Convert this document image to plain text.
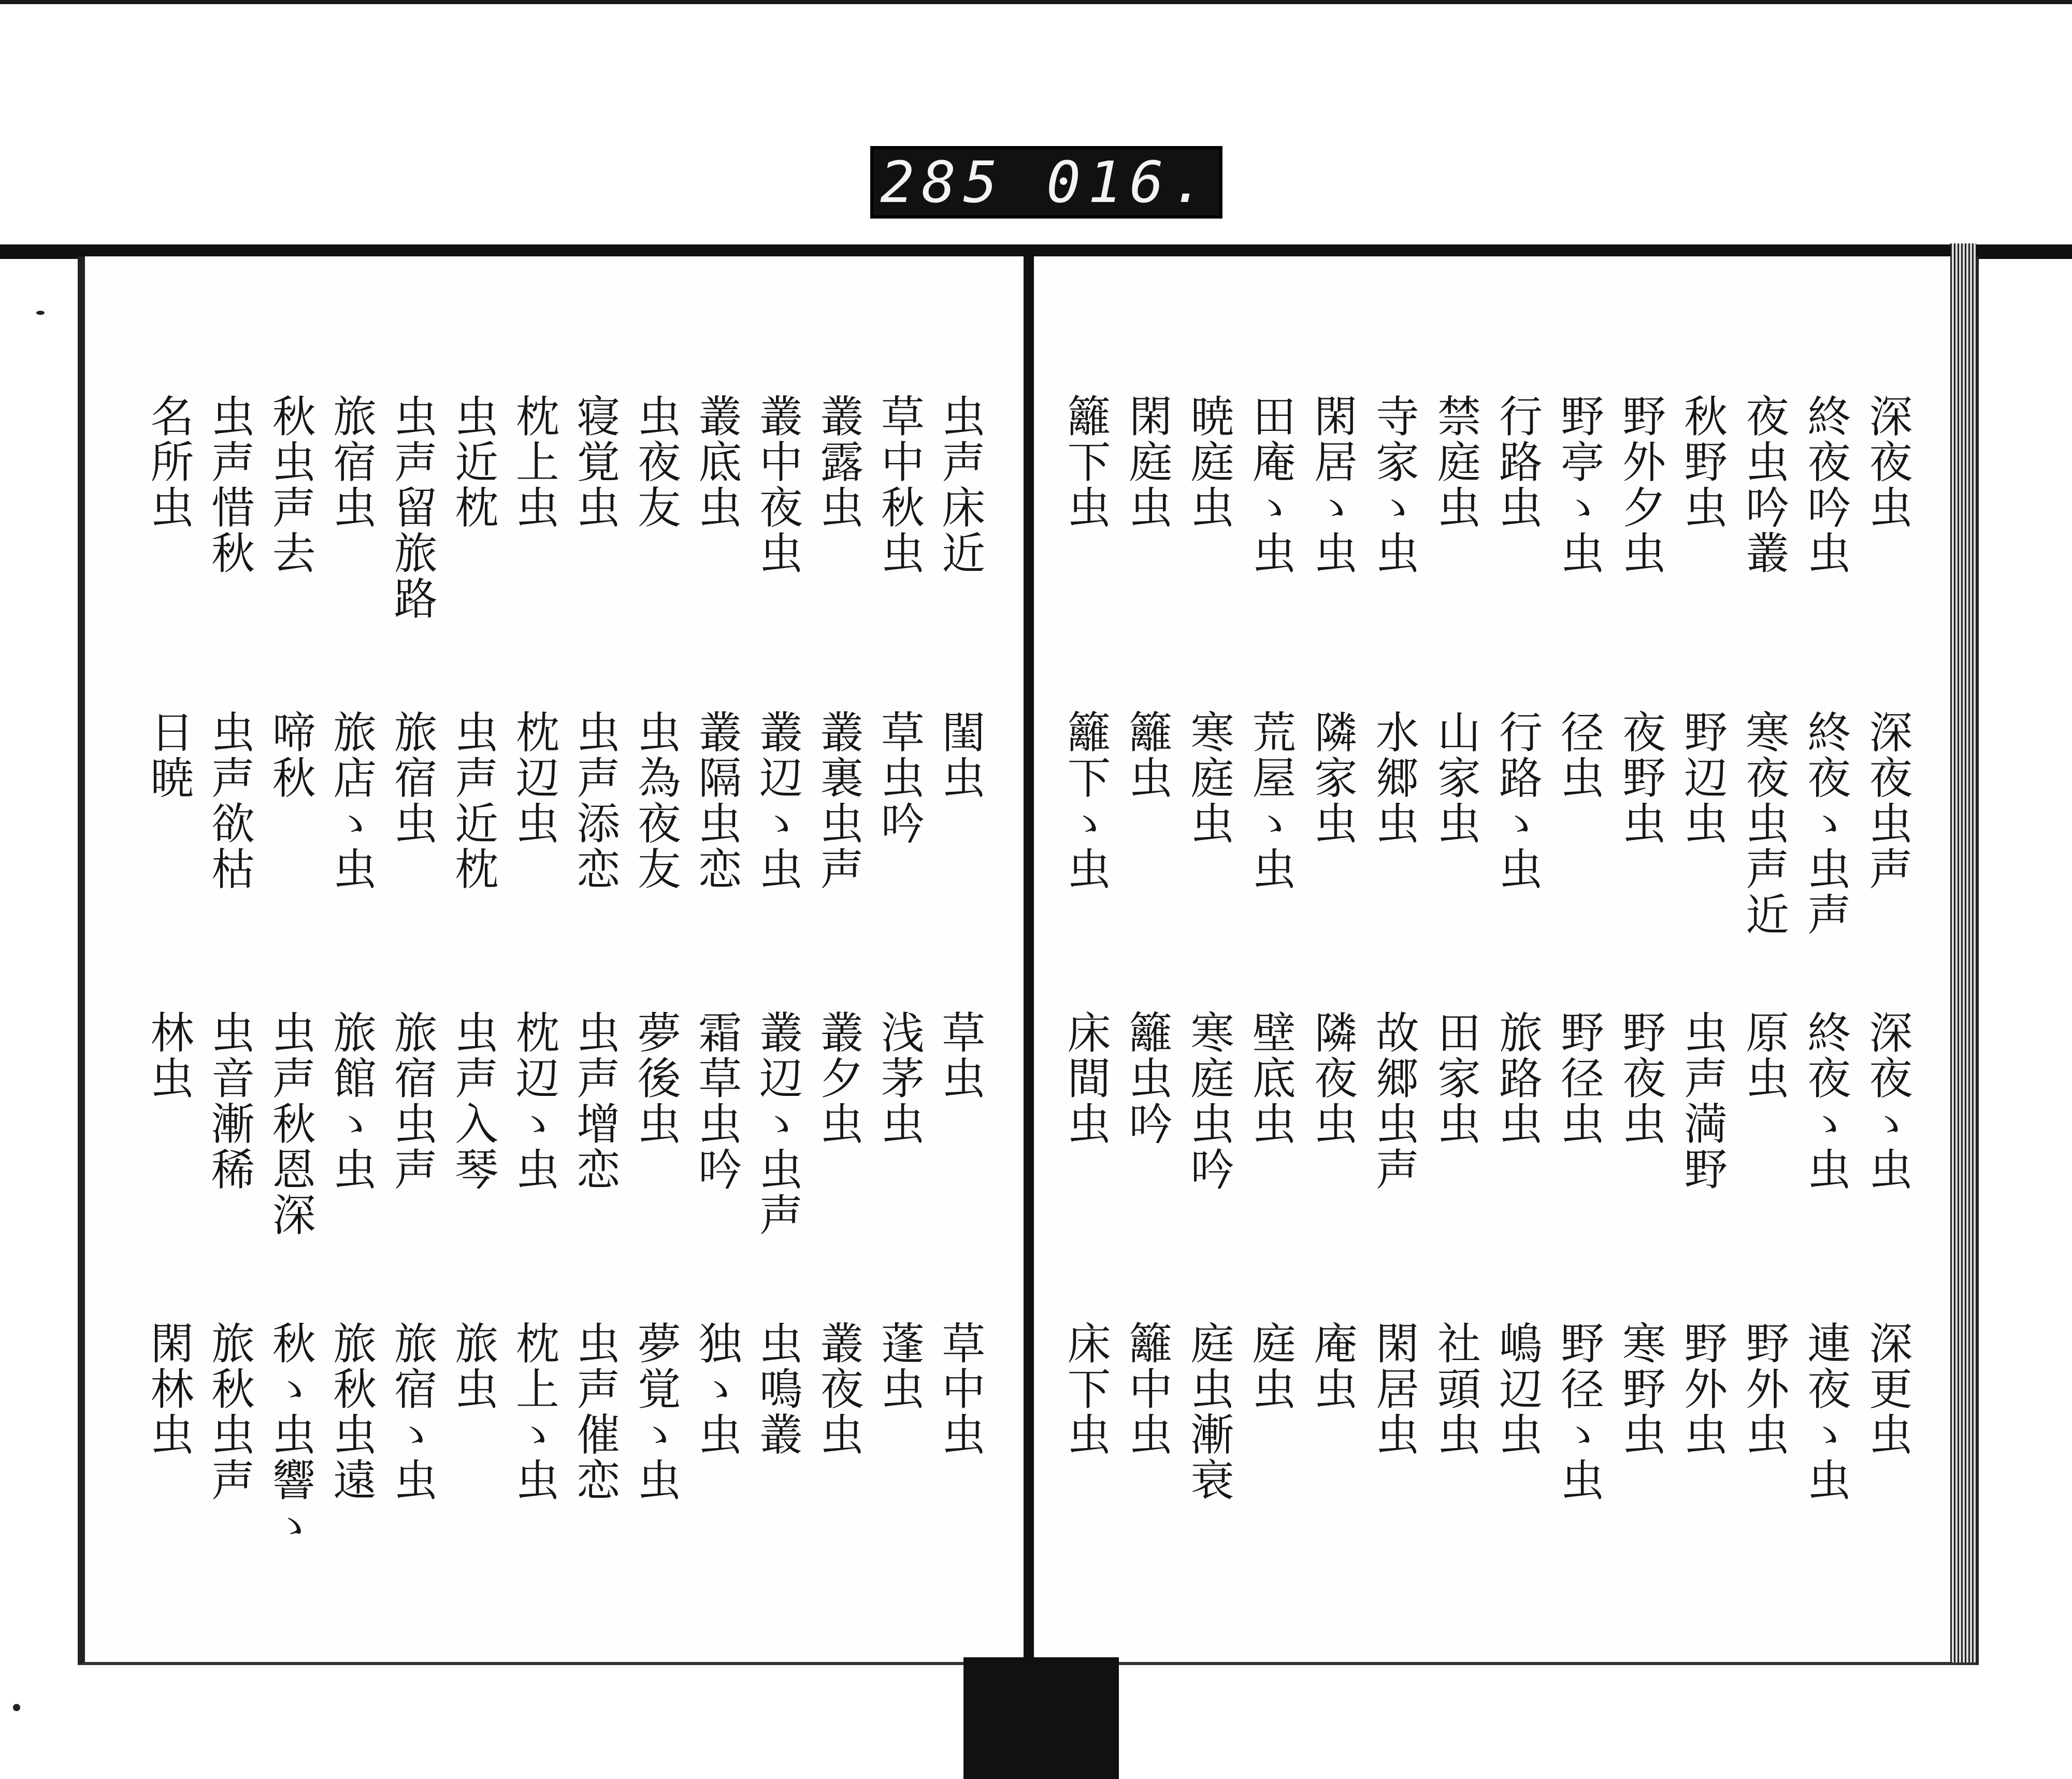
285 016.
深夜虫
深夜虫声
深夜ゝ虫
深更虫
終夜吟虫
終夜ゝ虫声
終夜ゝ虫
連夜ゝ虫
夜虫吟叢
寒夜虫声近
原虫
野外虫
秋野虫
野辺虫
虫声満野
野外虫
野外夕虫
夜野虫
野夜虫
寒野虫
野亭ゝ虫
径虫
野径虫
野径ゝ虫
行路虫
行路ゝ虫
旅路虫
嶋辺虫
禁庭虫
山家虫
田家虫
社頭虫
寺家ゝ虫
水郷虫
故郷虫声
閑居虫
閑居ゝ虫
隣家虫
隣夜虫
庵虫
田庵ゝ虫
荒屋ゝ虫
壁底虫
庭虫
暁庭虫
寒庭虫
寒庭虫吟
庭虫漸衰
閑庭虫
籬虫
籬虫吟
籬中虫
籬下虫
籬下ゝ虫
床間虫
床下虫
虫声床近
閨虫
草虫
草中虫
草中秋虫
草虫吟
浅茅虫
蓬虫
叢露虫
叢裏虫声
叢夕虫
叢夜虫
叢中夜虫
叢辺ゝ虫
叢辺ゝ虫声
虫鳴叢
叢底虫
叢隔虫恋
霜草虫吟
独ゝ虫
虫夜友
虫為夜友
夢後虫
夢覚ゝ虫
寝覚虫
虫声添恋
虫声增恋
虫声催恋
枕上虫
枕辺虫
枕辺ゝ虫
枕上ゝ虫
虫近枕
虫声近枕
虫声入琴
旅虫
虫声留旅路
旅宿虫
旅宿虫声
旅宿ゝ虫
旅宿虫
旅店ゝ虫
旅館ゝ虫
旅秋虫遠
秋虫声去
啼秋
虫声秋恩深
秋ゝ虫響ゝ
虫声惜秋
虫声欲枯
虫音漸稀
旅秋虫声
名所虫
日暁
林虫
閑林虫
